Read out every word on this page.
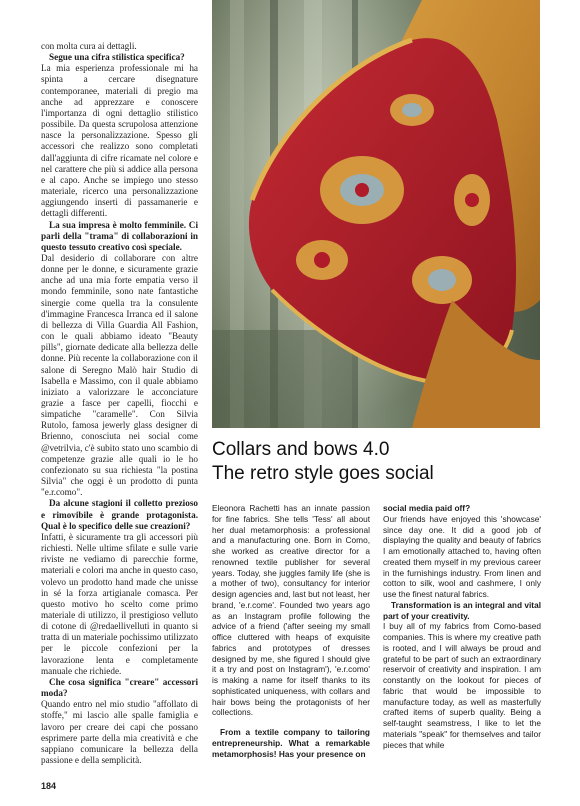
con molta cura ai dettagli.

Segue una cifra stilistica specifica?

La mia esperienza professionale mi ha spinta a cercare disegnature contemporanee, materiali di pregio ma anche ad apprezzare e conoscere l'importanza di ogni dettaglio stilistico possibile. Da questa scrupolosa attenzione nasce la personalizzazione. Spesso gli accessori che realizzo sono completati dall'aggiunta di cifre ricamate nel colore e nel carattere che più si addice alla persona e al capo. Anche se impiego uno stesso materiale, ricerco una personalizzazione aggiungendo inserti di passamanerie e dettagli differenti.

La sua impresa è molto femminile. Ci parli della "trama" di collaborazioni in questo tessuto creativo così speciale.

Dal desiderio di collaborare con altre donne per le donne, e sicuramente grazie anche ad una mia forte empatia verso il mondo femminile, sono nate fantastiche sinergie come quella tra la consulente d'immagine Francesca Irranca ed il salone di bellezza di Villa Guardia All Fashion, con le quali abbiamo ideato "Beauty pills", giornate dedicate alla bellezza delle donne. Più recente la collaborazione con il salone di Seregno Malò hair Studio di Isabella e Massimo, con il quale abbiamo iniziato a valorizzare le acconciature grazie a fasce per capelli, fiocchi e simpatiche "caramelle". Con Silvia Rutolo, famosa jewerly glass designer di Brienno, conosciuta nei social come @vetrilvia, c'è subito stato uno scambio di competenze grazie alle quali io le ho confezionato su sua richiesta "la postina Silvia" che oggi è un prodotto di punta "e.r.como".

Da alcune stagioni il colletto prezioso e rimovibile è grande protagonista. Qual è lo specifico delle sue creazioni?

Infatti, è sicuramente tra gli accessori più richiesti. Nelle ultime sfilate e sulle varie riviste ne vediamo di parecchie forme, materiali e colori ma anche in questo caso, volevo un prodotto hand made che unisse in sé la forza artigianale comasca. Per questo motivo ho scelto come primo materiale di utilizzo, il prestigioso velluto di cotone di @redaellivelluti in quanto si tratta di un materiale pochissimo utilizzato per le piccole confezioni per la lavorazione lenta e completamente manuale che richiede.

Che cosa significa "creare" accessori moda?

Quando entro nel mio studio "affollato di stoffe," mi lascio alle spalle famiglia e lavoro per creare dei capi che possano esprimere parte della mia creatività e che sappiano comunicare la bellezza della passione e della semplicità.

Collars and bows 4.0
The retro style goes social

Eleonora Rachetti has an innate passion for fine fabrics. She tells 'Tess' all about her dual metamorphosis: a professional and a manufacturing one. Born in Como, she worked as creative director for a renowned textile publisher for several years. Today, she juggles family life (she is a mother of two), consultancy for interior design agencies and, last but not least, her brand, 'e.r.come'. Founded two years ago as an Instagram profile following the advice of a friend ('after seeing my small office cluttered with heaps of exquisite fabrics and prototypes of dresses designed by me, she figured I should give it a try and post on Instagram'), 'e.r.como' is making a name for itself thanks to its sophisticated uniqueness, with collars and hair bows being the protagonists of her collections.

From a textile company to tailoring entrepreneurship. What a remarkable metamorphosis! Has your presence on

social media paid off?

Our friends have enjoyed this 'showcase' since day one. It did a good job of displaying the quality and beauty of fabrics I am emotionally attached to, having often created them myself in my previous career in the furnishings industry. From linen and cotton to silk, wool and cashmere, I only use the finest natural fabrics.

Transformation is an integral and vital part of your creativity.

I buy all of my fabrics from Como-based companies. This is where my creative path is rooted, and I will always be proud and grateful to be part of such an extraordinary reservoir of creativity and inspiration. I am constantly on the lookout for pieces of fabric that would be impossible to manufacture today, as well as masterfully crafted items of superb quality. Being a self-taught seamstress, I like to let the materials "speak" for themselves and tailor pieces that while

184
